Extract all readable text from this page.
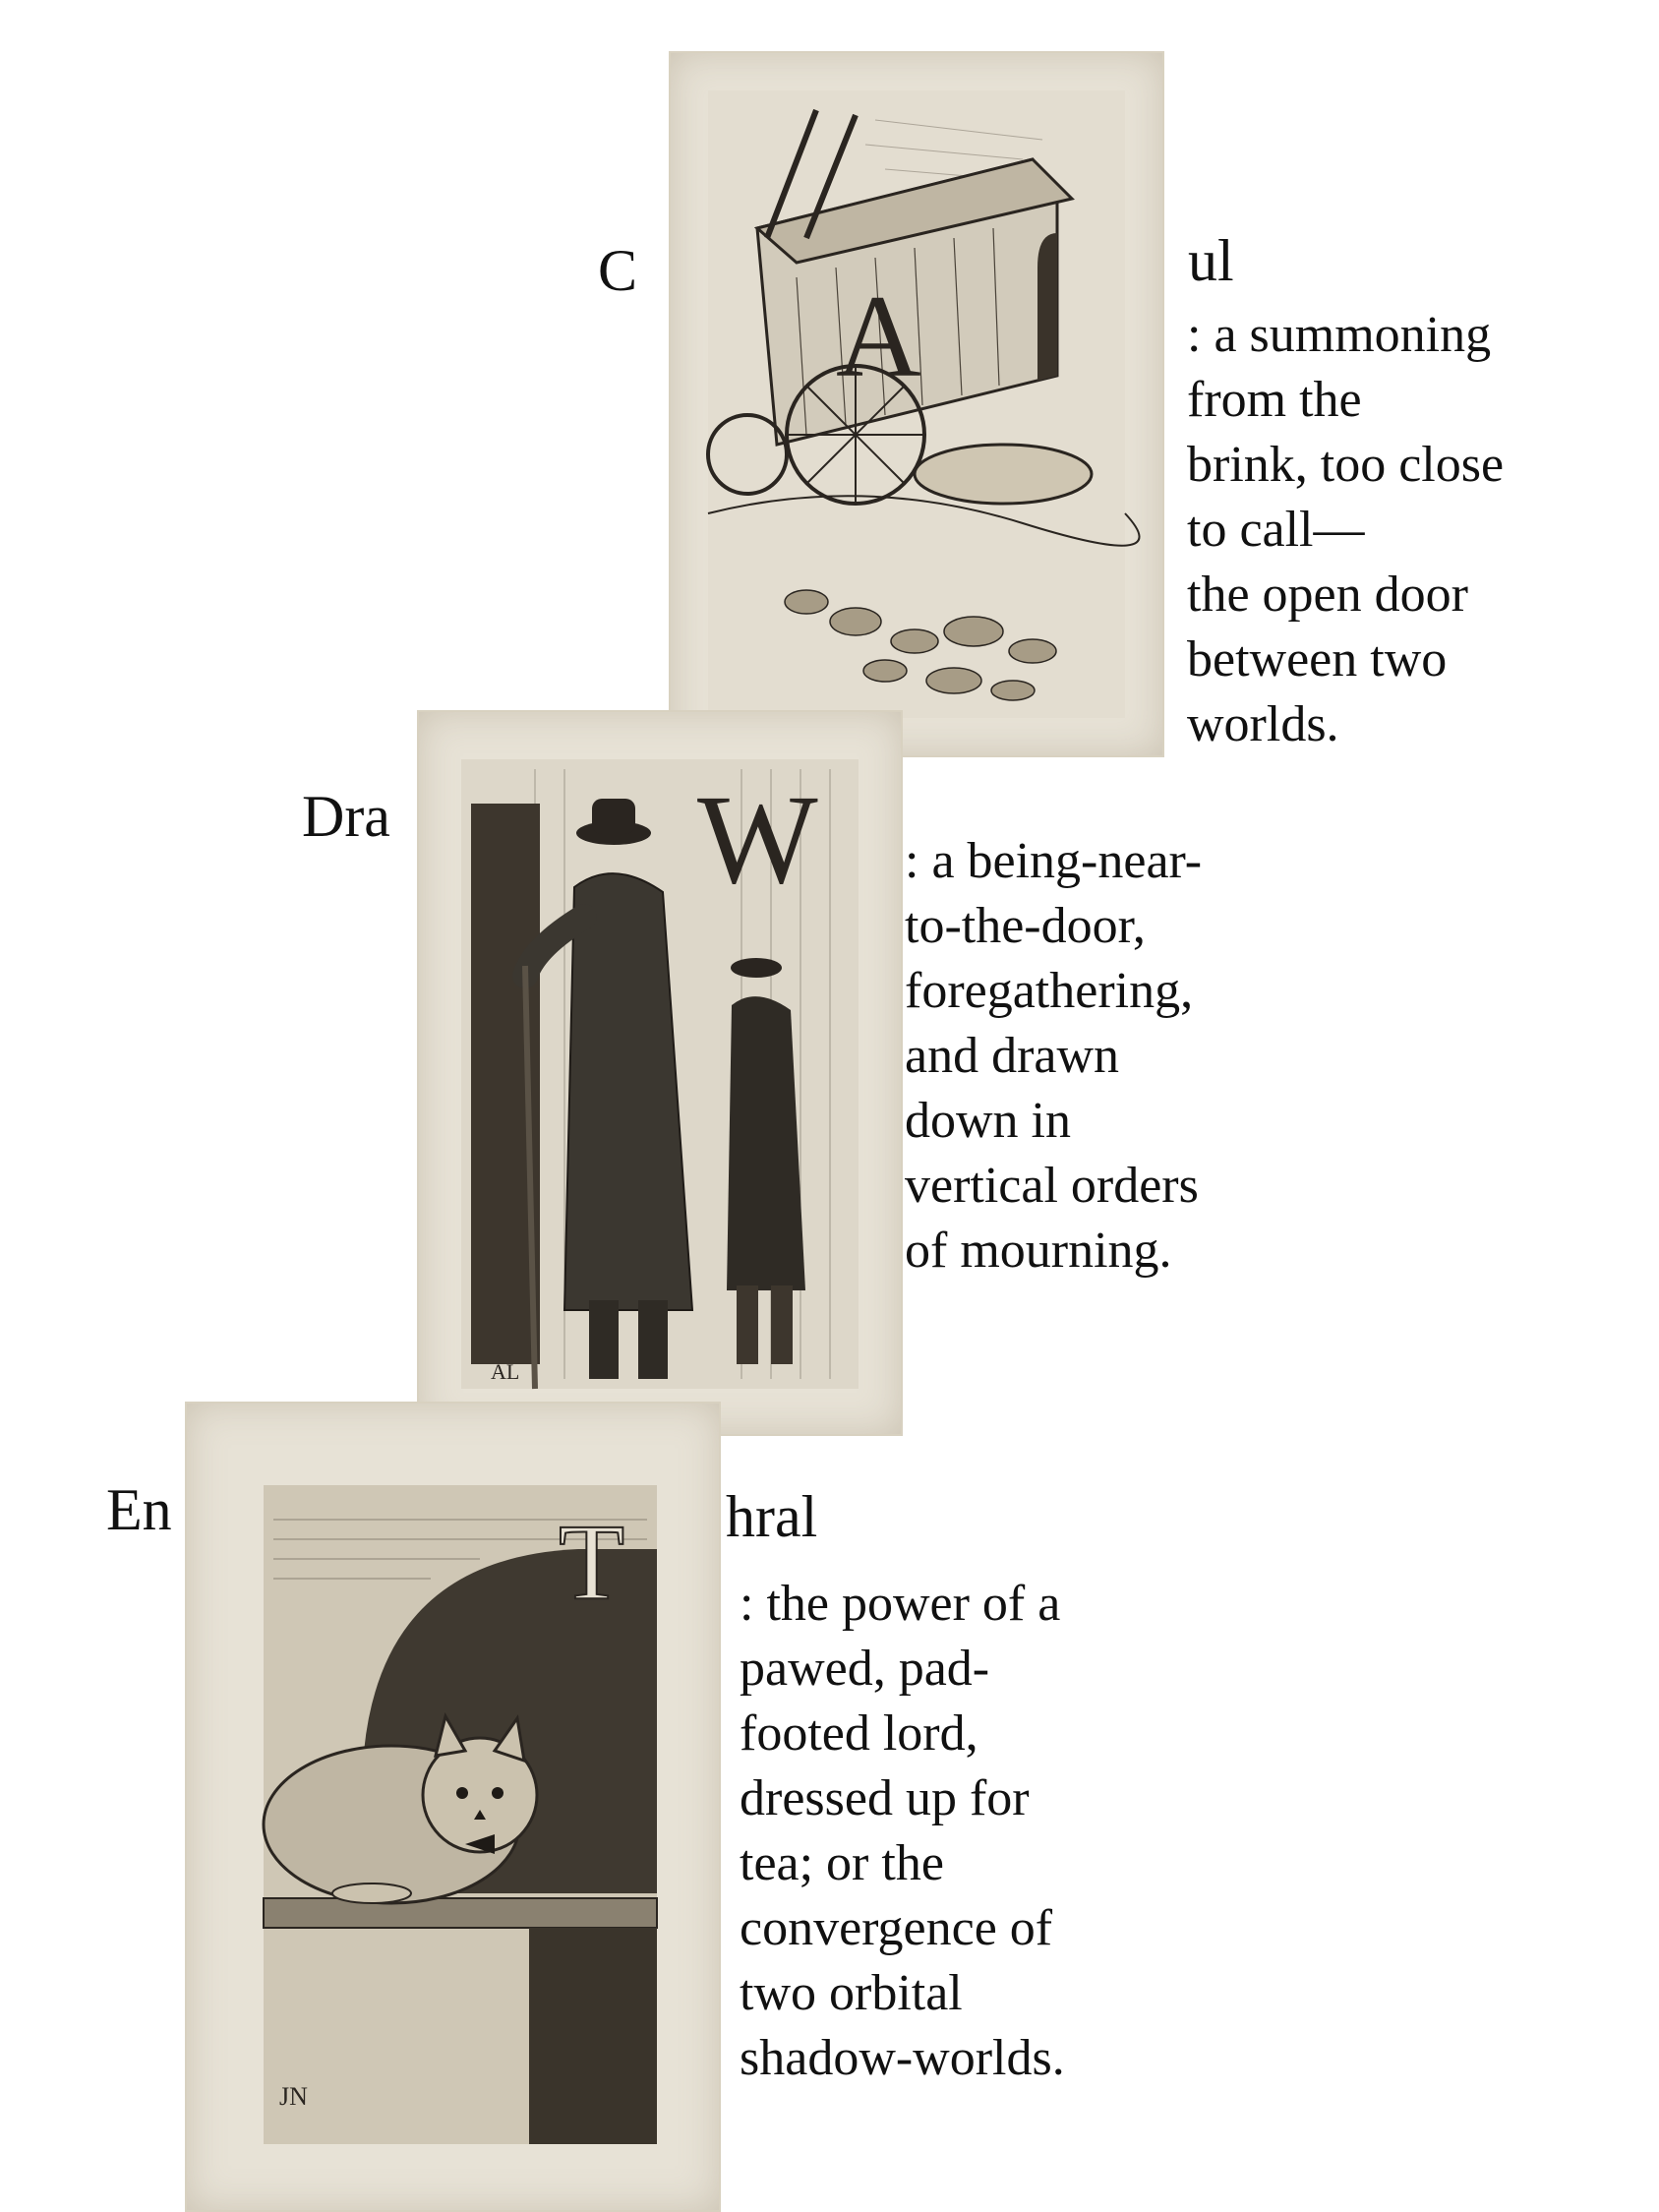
C A
ul
: a summoning
from the
brink, too close
to call—
the open door
between two
worlds.
Dra W
AL
: a being-near-
to-the-door,
foregathering,
and drawn
down in
vertical orders
of mourning.
En	T
JN
hral
: the power of a
pawed, pad-
footed lord,
dressed up for
tea; or the
convergence of
two orbital
shadow-worlds.
